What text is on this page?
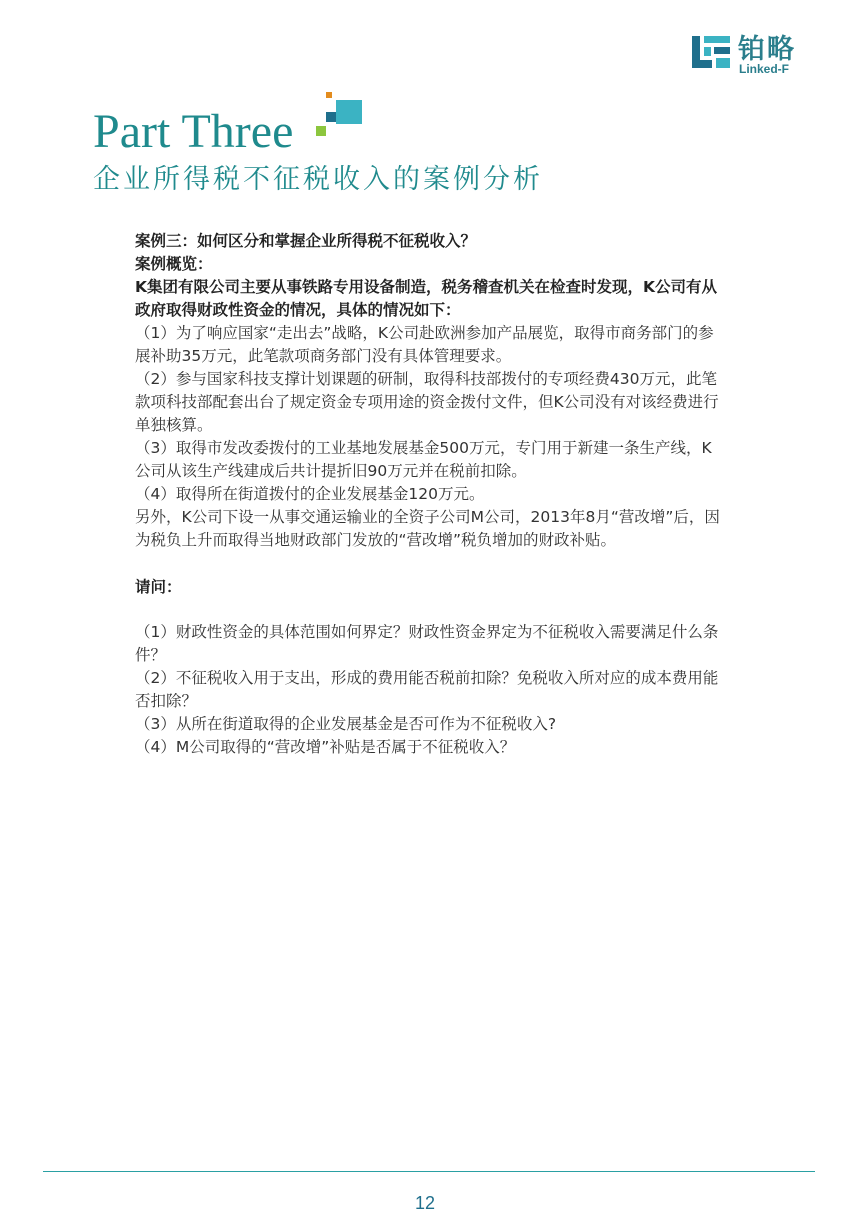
铂略
Linked-F
Part Three
企业所得税不征税收入的案例分析

案例三：如何区分和掌握企业所得税不征税收入？

案例概览：

K集团有限公司主要从事铁路专用设备制造，税务稽查机关在检查时发现，K公司有从政府取得财政性资金的情况，具体的情况如下：

（1）为了响应国家“走出去”战略，K公司赴欧洲参加产品展览，取得市商务部门的参展补助35万元，此笔款项商务部门没有具体管理要求。

（2）参与国家科技支撑计划课题的研制，取得科技部拨付的专项经费430万元，此笔款项科技部配套出台了规定资金专项用途的资金拨付文件，但K公司没有对该经费进行单独核算。

（3）取得市发改委拨付的工业基地发展基金500万元，专门用于新建一条生产线，K公司从该生产线建成后共计提折旧90万元并在税前扣除。

（4）取得所在街道拨付的企业发展基金120万元。

另外，K公司下设一从事交通运输业的全资子公司M公司，2013年8月“营改增”后，因为税负上升而取得当地财政部门发放的“营改增”税负增加的财政补贴。

请问：

（1）财政性资金的具体范围如何界定？财政性资金界定为不征税收入需要满足什么条件？

（2）不征税收入用于支出，形成的费用能否税前扣除？免税收入所对应的成本费用能否扣除？

（3）从所在街道取得的企业发展基金是否可作为不征税收入?

（4）M公司取得的“营改增”补贴是否属于不征税收入？

12
